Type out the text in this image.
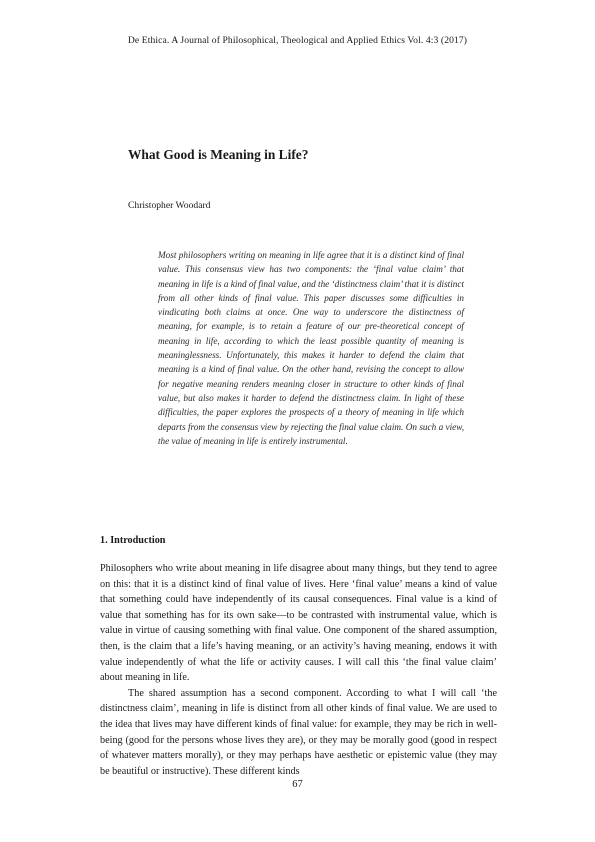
De Ethica. A Journal of Philosophical, Theological and Applied Ethics Vol. 4:3 (2017)
What Good is Meaning in Life?
Christopher Woodard

Most philosophers writing on meaning in life agree that it is a distinct kind of final value. This consensus view has two components: the ‘final value claim’ that meaning in life is a kind of final value, and the ‘distinctness claim’ that it is distinct from all other kinds of final value. This paper discusses some difficulties in vindicating both claims at once. One way to underscore the distinctness of meaning, for example, is to retain a feature of our pre-theoretical concept of meaning in life, according to which the least possible quantity of meaning is meaninglessness. Unfortunately, this makes it harder to defend the claim that meaning is a kind of final value. On the other hand, revising the concept to allow for negative meaning renders meaning closer in structure to other kinds of final value, but also makes it harder to defend the distinctness claim. In light of these difficulties, the paper explores the prospects of a theory of meaning in life which departs from the consensus view by rejecting the final value claim. On such a view, the value of meaning in life is entirely instrumental.

1. Introduction

Philosophers who write about meaning in life disagree about many things, but they tend to agree on this: that it is a distinct kind of final value of lives. Here ‘final value’ means a kind of value that something could have independently of its causal consequences. Final value is a kind of value that something has for its own sake—to be contrasted with instrumental value, which is value in virtue of causing something with final value. One component of the shared assumption, then, is the claim that a life’s having meaning, or an activity’s having meaning, endows it with value independently of what the life or activity causes. I will call this ‘the final value claim’ about meaning in life.

The shared assumption has a second component. According to what I will call ‘the distinctness claim’, meaning in life is distinct from all other kinds of final value. We are used to the idea that lives may have different kinds of final value: for example, they may be rich in well-being (good for the persons whose lives they are), or they may be morally good (good in respect of whatever matters morally), or they may perhaps have aesthetic or epistemic value (they may be beautiful or instructive). These different kinds

67
